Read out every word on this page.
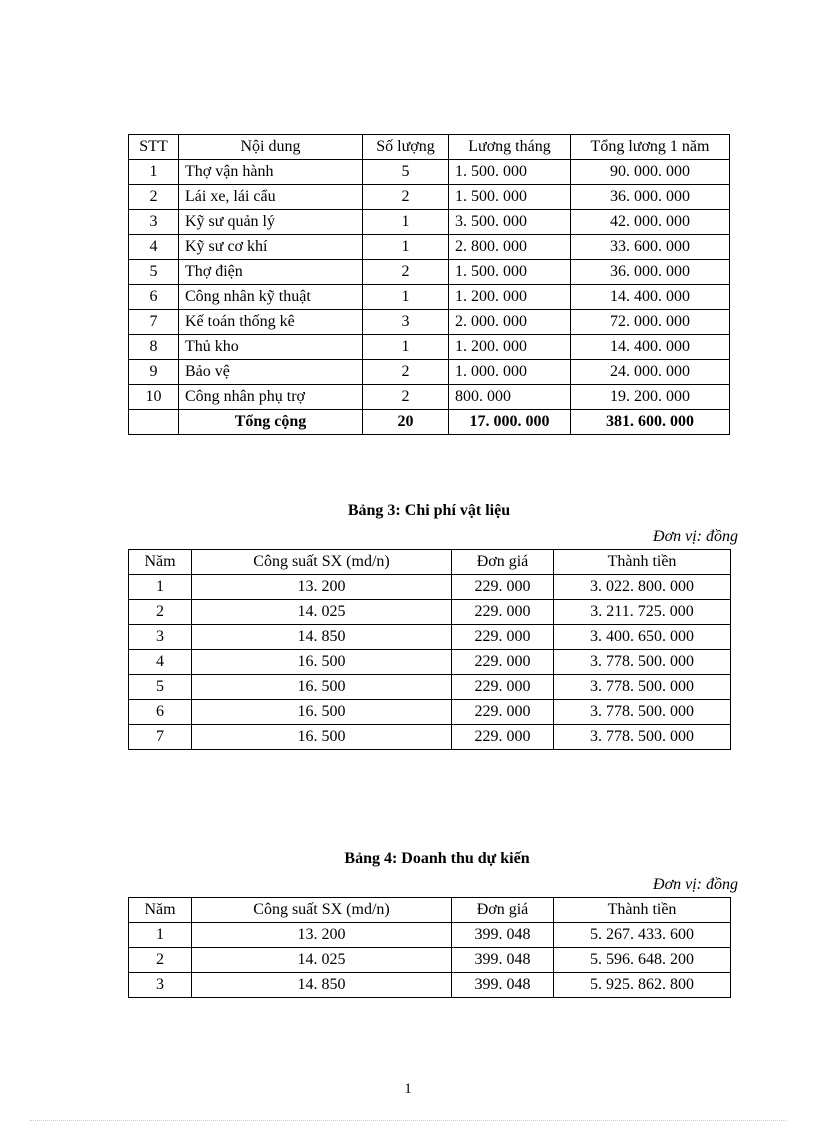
STT	Nội dung	Số lượng	Lương tháng	Tổng lương 1 năm
1	Thợ vận hành	5	1. 500. 000	90. 000. 000
2	Lái xe, lái cẩu	2	1. 500. 000	36. 000. 000
3	Kỹ sư quản lý	1	3. 500. 000	42. 000. 000
4	Kỹ sư cơ khí	1	2. 800. 000	33. 600. 000
5	Thợ điện	2	1. 500. 000	36. 000. 000
6	Công nhân kỹ thuật	1	1. 200. 000	14. 400. 000
7	Kế toán thống kê	3	2. 000. 000	72. 000. 000
8	Thủ kho	1	1. 200. 000	14. 400. 000
9	Bảo vệ	2	1. 000. 000	24. 000. 000
10	Công nhân phụ trợ	2	800. 000	19. 200. 000
	Tổng cộng	20	17. 000. 000	381. 600. 000
Bảng 3: Chi phí vật liệu
Đơn vị: đồng
Năm	Công suất SX (md/n)	Đơn giá	Thành tiền
1	13. 200	229. 000	3. 022. 800. 000
2	14. 025	229. 000	3. 211. 725. 000
3	14. 850	229. 000	3. 400. 650. 000
4	16. 500	229. 000	3. 778. 500. 000
5	16. 500	229. 000	3. 778. 500. 000
6	16. 500	229. 000	3. 778. 500. 000
7	16. 500	229. 000	3. 778. 500. 000
Bảng 4: Doanh thu dự kiến
Đơn vị: đồng
Năm	Công suất SX (md/n)	Đơn giá	Thành tiền
1	13. 200	399. 048	5. 267. 433. 600
2	14. 025	399. 048	5. 596. 648. 200
3	14. 850	399. 048	5. 925. 862. 800
1
